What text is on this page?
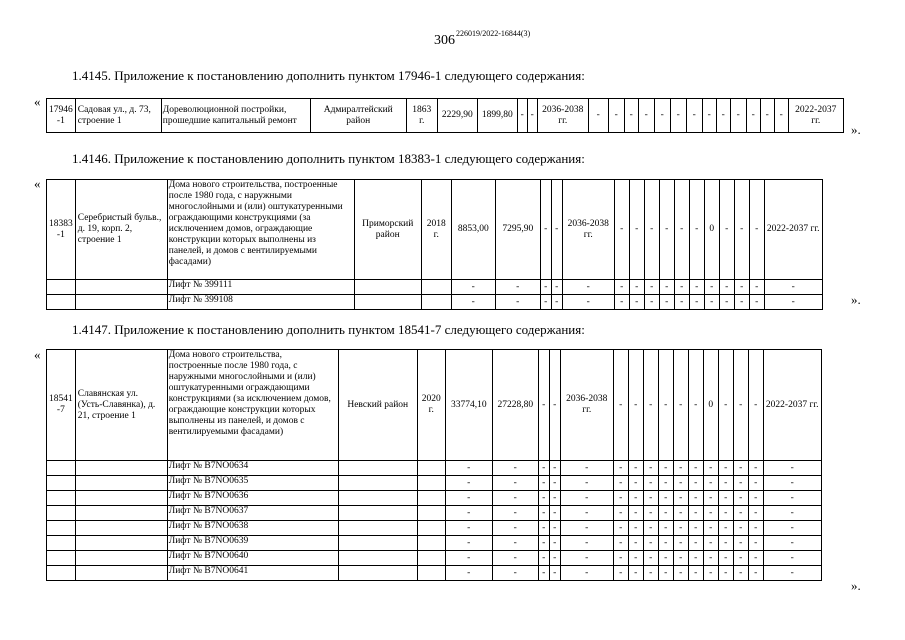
306 226019/2022-16844(3)
1.4145. Приложение к постановлению дополнить пунктом 17946-1 следующего содержания:
«
».
17946 -1	Садовая ул., д. 73, строение 1	Дореволюционной постройки, прошедшие капитальный ремонт	Адмиралтейский район	1863 г.	2229,90	1899,80	-	-	2036-2038 гг.	-	-	-	-	-	-	-	-	-	-	-	-	-	2022-2037 гг.
1.4146. Приложение к постановлению дополнить пунктом 18383-1 следующего содержания:
«
».
18383 -1	Серебристый бульв., д. 19, корп. 2, строение 1	Дома нового строительства, построенные после 1980 года, с наружными многослойными и (или) оштукатуренными ограждающими конструкциями (за исключением домов, ограждающие конструкции которых выполнены из панелей, и домов с вентилируемыми фасадами)	Приморский район	2018 г.	8853,00	7295,90	-	-	2036-2038 гг.	-	-	-	-	-	-	0	-	-	-	2022-2037 гг.
		Лифт № 399111			-	-	-	-	-	-	-	-	-	-	-	-	-	-	-	-
		Лифт № 399108			-	-	-	-	-	-	-	-	-	-	-	-	-	-	-	-
1.4147. Приложение к постановлению дополнить пунктом 18541-7 следующего содержания:
«
».
18541 -7	Славянская ул. (Усть-Славянка), д. 21, строение 1	Дома нового строительства, построенные после 1980 года, с наружными многослойными и (или) оштукатуренными ограждающими конструкциями (за исключением домов, ограждающие конструкции которых выполнены из панелей, и домов с вентилируемыми фасадами)	Невский район	2020 г.	33774,10	27228,80	-	-	2036-2038 гг.	-	-	-	-	-	-	0	-	-	-	2022-2037 гг.
		Лифт № В7NO0634			-	-	-	-	-	-	-	-	-	-	-	-	-	-	-	-
		Лифт № В7NO0635			-	-	-	-	-	-	-	-	-	-	-	-	-	-	-	-
		Лифт № В7NO0636			-	-	-	-	-	-	-	-	-	-	-	-	-	-	-	-
		Лифт № В7NO0637			-	-	-	-	-	-	-	-	-	-	-	-	-	-	-	-
		Лифт № В7NO0638			-	-	-	-	-	-	-	-	-	-	-	-	-	-	-	-
		Лифт № В7NO0639			-	-	-	-	-	-	-	-	-	-	-	-	-	-	-	-
		Лифт № В7NO0640			-	-	-	-	-	-	-	-	-	-	-	-	-	-	-	-
		Лифт № В7NO0641			-	-	-	-	-	-	-	-	-	-	-	-	-	-	-	-
